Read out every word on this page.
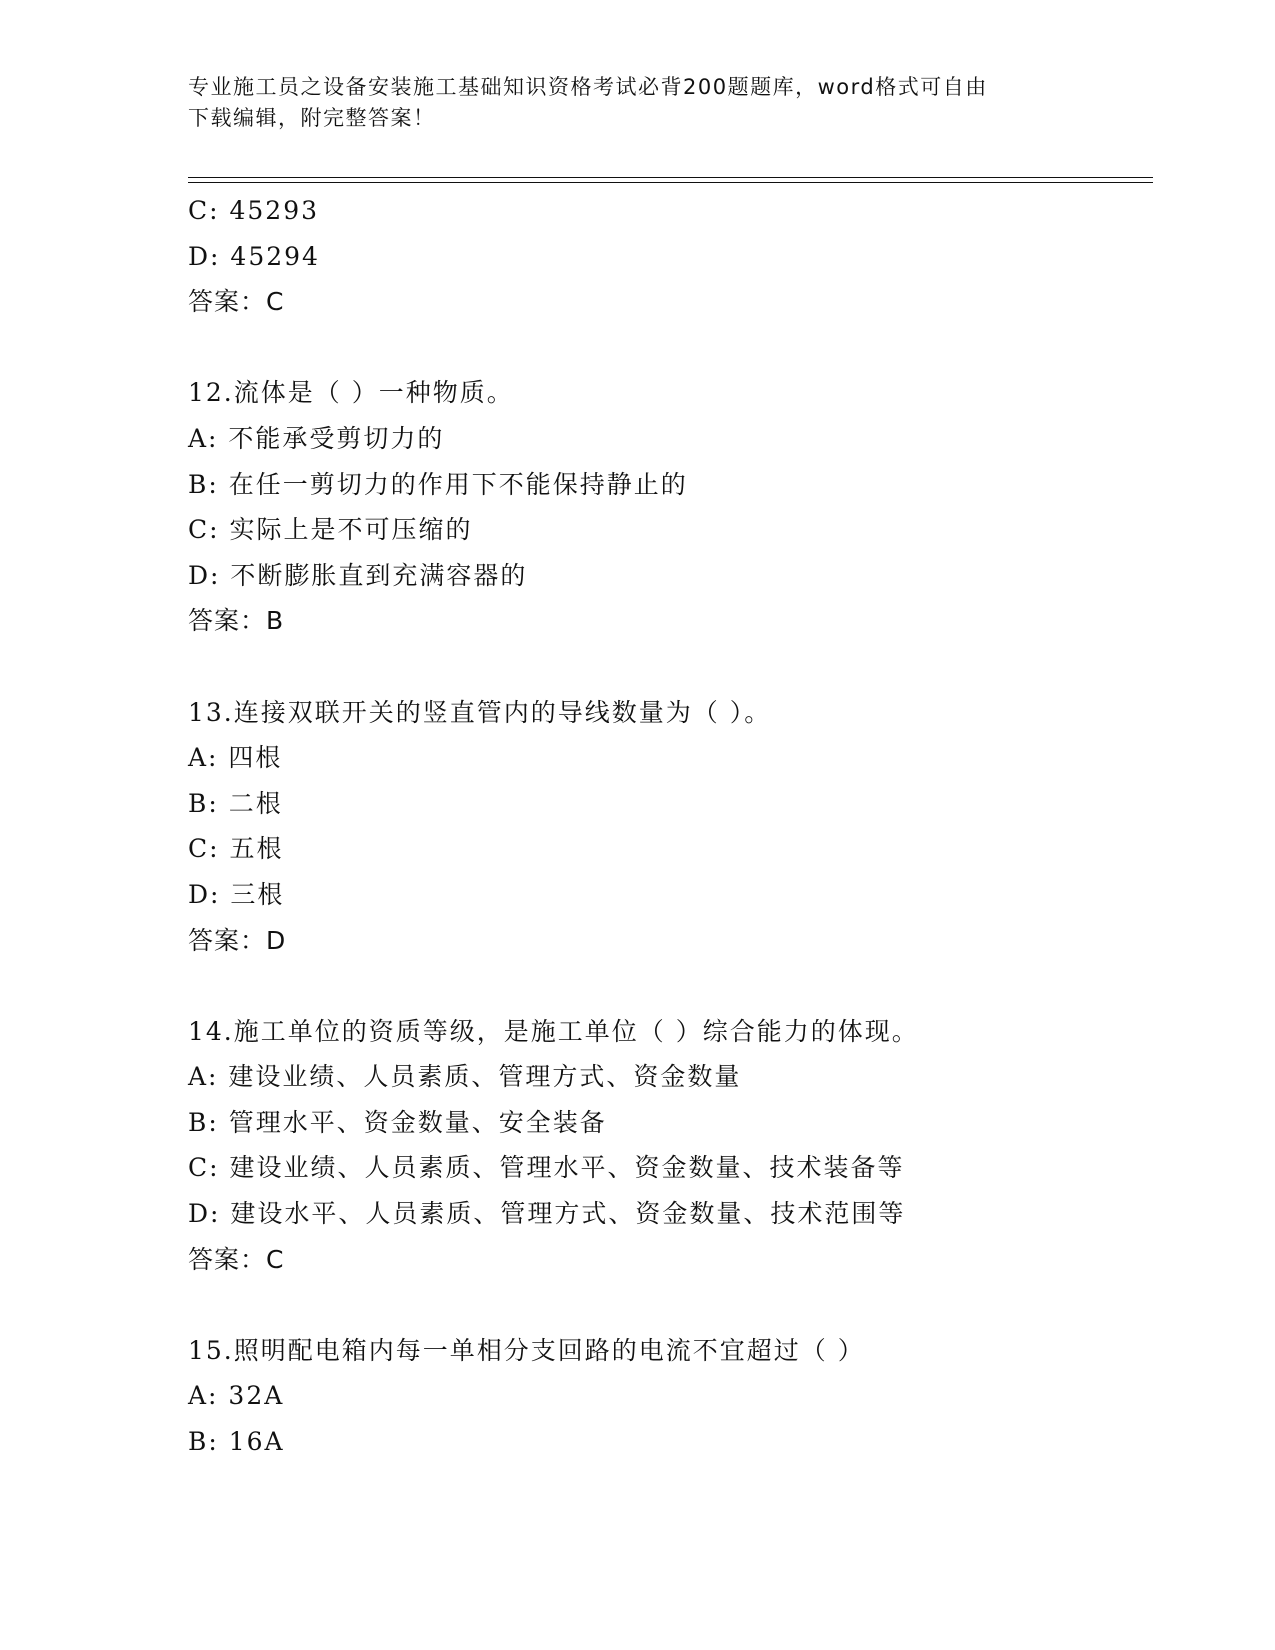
专业施工员之设备安装施工基础知识资格考试必背200题题库，word格式可自由
下载编辑，附完整答案！
C: 45293
D: 45294
答案：C
12.流体是（ ）一种物质。
A: 不能承受剪切力的
B: 在任一剪切力的作用下不能保持静止的
C: 实际上是不可压缩的
D: 不断膨胀直到充满容器的
答案：B
13.连接双联开关的竖直管内的导线数量为（ ）。
A: 四根
B: 二根
C: 五根
D: 三根
答案：D
14.施工单位的资质等级，是施工单位（ ）综合能力的体现。
A: 建设业绩、人员素质、管理方式、资金数量
B: 管理水平、资金数量、安全装备
C: 建设业绩、人员素质、管理水平、资金数量、技术装备等
D: 建设水平、人员素质、管理方式、资金数量、技术范围等
答案：C
15.照明配电箱内每一单相分支回路的电流不宜超过（ ）
A: 32A
B: 16A
